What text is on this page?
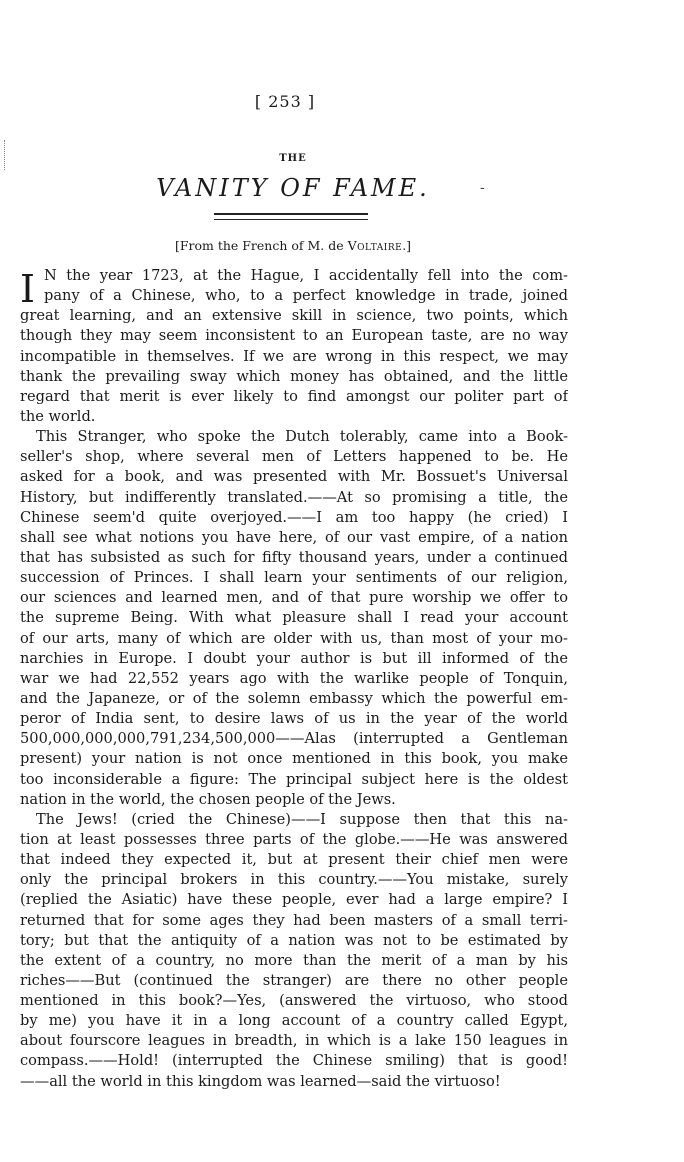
[ 253 ]
THE
VANITY OF FAME.	-
[From the French of M. de Voltaire.]
I N the year 1723, at the Hague, I accidentally fell into the com-
pany of a Chinese, who, to a perfect knowledge in trade, joined
great learning, and an extensive skill in science, two points, which
though they may seem inconsistent to an European taste, are no way
incompatible in themselves. If we are wrong in this respect, we may
thank the prevailing sway which money has obtained, and the little
regard that merit is ever likely to find amongst our politer part of
the world.
This Stranger, who spoke the Dutch tolerably, came into a Book-
seller's shop, where several men of Letters happened to be. He
asked for a book, and was presented with Mr. Bossuet's Universal
History, but indifferently translated.——At so promising a title, the
Chinese seem'd quite overjoyed.——I am too happy (he cried) I
shall see what notions you have here, of our vast empire, of a nation
that has subsisted as such for fifty thousand years, under a continued
succession of Princes. I shall learn your sentiments of our religion,
our sciences and learned men, and of that pure worship we offer to
the supreme Being. With what pleasure shall I read your account
of our arts, many of which are older with us, than most of your mo-
narchies in Europe. I doubt your author is but ill informed of the
war we had 22,552 years ago with the warlike people of Tonquin,
and the Japaneze, or of the solemn embassy which the powerful em-
peror of India sent, to desire laws of us in the year of the world
500,000,000,000,791,234,500,000——Alas (interrupted a Gentleman
present) your nation is not once mentioned in this book, you make
too inconsiderable a figure: The principal subject here is the oldest
nation in the world, the chosen people of the Jews.
The Jews! (cried the Chinese)——I suppose then that this na-
tion at least possesses three parts of the globe.——He was answered
that indeed they expected it, but at present their chief men were
only the principal brokers in this country.——You mistake, surely
(replied the Asiatic) have these people, ever had a large empire? I
returned that for some ages they had been masters of a small terri-
tory; but that the antiquity of a nation was not to be estimated by
the extent of a country, no more than the merit of a man by his
riches——But (continued the stranger) are there no other people
mentioned in this book?—Yes, (answered the virtuoso, who stood
by me) you have it in a long account of a country called Egypt,
about fourscore leagues in breadth, in which is a lake 150 leagues in
compass.——Hold! (interrupted the Chinese smiling) that is good!
——all the world in this kingdom was learned—said the virtuoso!
